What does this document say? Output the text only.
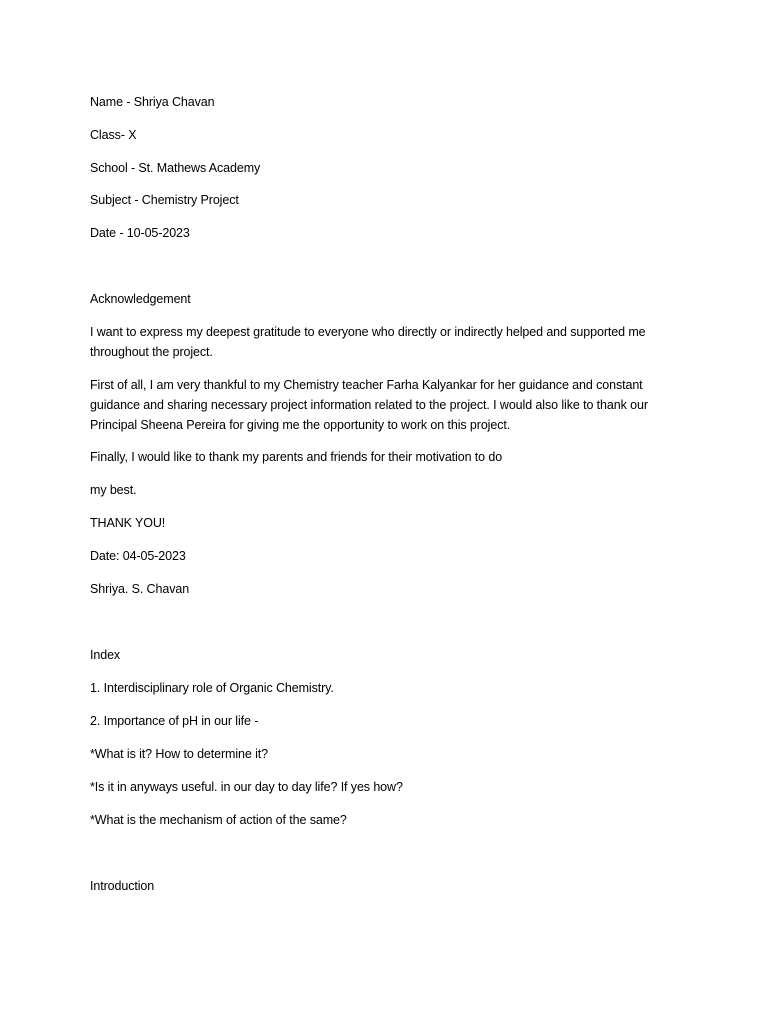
Name - Shriya Chavan
Class- X
School - St. Mathews Academy
Subject - Chemistry Project
Date - 10-05-2023
Acknowledgement
I want to express my deepest gratitude to everyone who directly or indirectly helped and supported me
throughout the project.
First of all, I am very thankful to my Chemistry teacher Farha Kalyankar for her guidance and constant
guidance and sharing necessary project information related to the project. I would also like to thank our
Principal Sheena Pereira for giving me the opportunity to work on this project.
Finally, I would like to thank my parents and friends for their motivation to do
my best.
THANK YOU!
Date: 04-05-2023
Shriya. S. Chavan
Index
1. Interdisciplinary role of Organic Chemistry.
2. Importance of pH in our life -
*What is it? How to determine it?
*Is it in anyways useful. in our day to day life? If yes how?
*What is the mechanism of action of the same?
Introduction
